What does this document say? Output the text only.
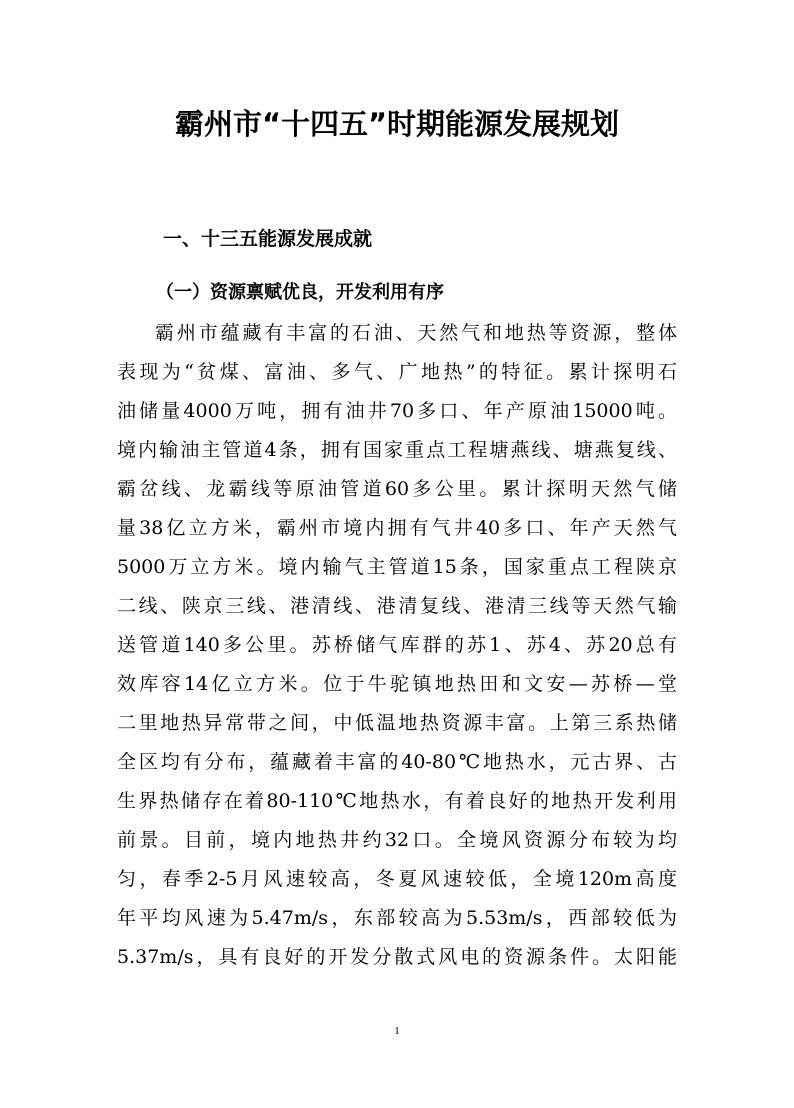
霸州市“十四五”时期能源发展规划
一、十三五能源发展成就
（一）资源禀赋优良，开发利用有序
霸州市蕴藏有丰富的石油、天然气和地热等资源，整体
表现为“贫煤、富油、多气、广地热”的特征。累计探明石
油储量4000万吨，拥有油井70多口、年产原油15000吨。
境内输油主管道4条，拥有国家重点工程塘燕线、塘燕复线、
霸岔线、龙霸线等原油管道60多公里。累计探明天然气储
量38亿立方米，霸州市境内拥有气井40多口、年产天然气
5000万立方米。境内输气主管道15条，国家重点工程陕京
二线、陕京三线、港清线、港清复线、港清三线等天然气输
送管道140多公里。苏桥储气库群的苏1、苏4、苏20总有
效库容14亿立方米。位于牛驼镇地热田和文安—苏桥—堂
二里地热异常带之间，中低温地热资源丰富。上第三系热储
全区均有分布，蕴藏着丰富的40-80℃地热水，元古界、古
生界热储存在着80-110℃地热水，有着良好的地热开发利用
前景。目前，境内地热井约32口。全境风资源分布较为均
匀，春季2-5月风速较高，冬夏风速较低，全境120m高度
年平均风速为5.47m/s，东部较高为5.53m/s，西部较低为
5.37m/s，具有良好的开发分散式风电的资源条件。太阳能
1
